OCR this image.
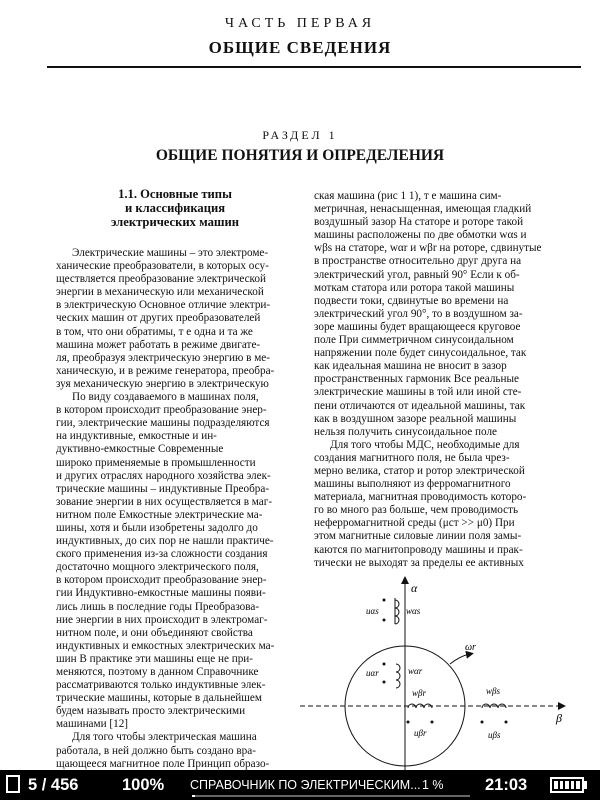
ЧАСТЬ ПЕРВАЯ
ОБЩИЕ СВЕДЕНИЯ
РАЗДЕЛ 1
ОБЩИЕ ПОНЯТИЯ И ОПРЕДЕЛЕНИЯ
1.1. Основные типы
и классификация
электрических машин

Электрические машины – это электроме-

ханические преобразователи, в которых осу-

ществляется преобразование электрической

энергии в механическую или механической

в электрическую Основное отличие электри-

ческих машин от других преобразователей

в том, что они обратимы, т е одна и та же

машина может работать в режиме двигате-

ля, преобразуя электрическую энергию в ме-

ханическую, и в режиме генератора, преобра-

зуя механическую энергию в электрическую

По виду создаваемого в машинах поля,

в котором происходит преобразование энер-

гии, электрические машины подразделяются

на индуктивные, емкостные и ин-

дуктивно-емкостные Современные

широко применяемые в промышленности

и других отраслях народного хозяйства элек-

трические машины – индуктивные Преобра-

зование энергии в них осуществляется в маг-

нитном поле Емкостные электрические ма-

шины, хотя и были изобретены задолго до

индуктивных, до сих пор не нашли практиче-

ского применения из-за сложности создания

достаточно мощного электрического поля,

в котором происходит преобразование энер-

гии Индуктивно-емкостные машины появи-

лись лишь в последние годы Преобразова-

ние энергии в них происходит в электромаг-

нитном поле, и они объединяют свойства

индуктивных и емкостных электрических ма-

шин В практике эти машины еще не при-

меняются, поэтому в данном Справочнике

рассматриваются только индуктивные элек-

трические машины, которые в дальнейшем

будем называть просто электрическими

машинами [12]

Для того чтобы электрическая машина

работала, в ней должно быть создано вра-

щающееся магнитное поле Принцип образо-

ская машина (рис 1 1), т е машина сим-

метричная, ненасыщенная, имеющая гладкий

воздушный зазор На статоре и роторе такой

машины расположены по две обмотки wαs и

wβs на статоре, wαr и wβr на роторе, сдвинутые

в пространстве относительно друг друга на

электрический угол, равный 90° Если к об-

моткам статора или ротора такой машины

подвести токи, сдвинутые во времени на

электрический угол 90°, то в воздушном за-

зоре машины будет вращающееся круговое

поле При симметричном синусоидальном

напряжении поле будет синусоидальное, так

как идеальная машина не вносит в зазор

пространственных гармоник Все реальные

электрические машины в той или иной сте-

пени отличаются от идеальной машины, так

как в воздушном зазоре реальной машины

нельзя получить синусоидальное поле

Для того чтобы МДС, необходимые для

создания магнитного поля, не была чрез-

мерно велика, статор и ротор электрической

машины выполняют из ферромагнитного

материала, магнитная проводимость которо-

го во много раз больше, чем проводимость

неферромагнитной среды (μст >> μ0) При

этом магнитные силовые линии поля замы-

каются по магнитопроводу машины и прак-

тически не выходят за пределы ее активных

α
β
ωr
uαs	wαs
uαr	wαr
wβr
uβr
wβs
uβs
5 / 456	100% СПРАВОЧНИК ПО ЭЛЕКТРИЧЕСКИМ... 1 %	21:03
